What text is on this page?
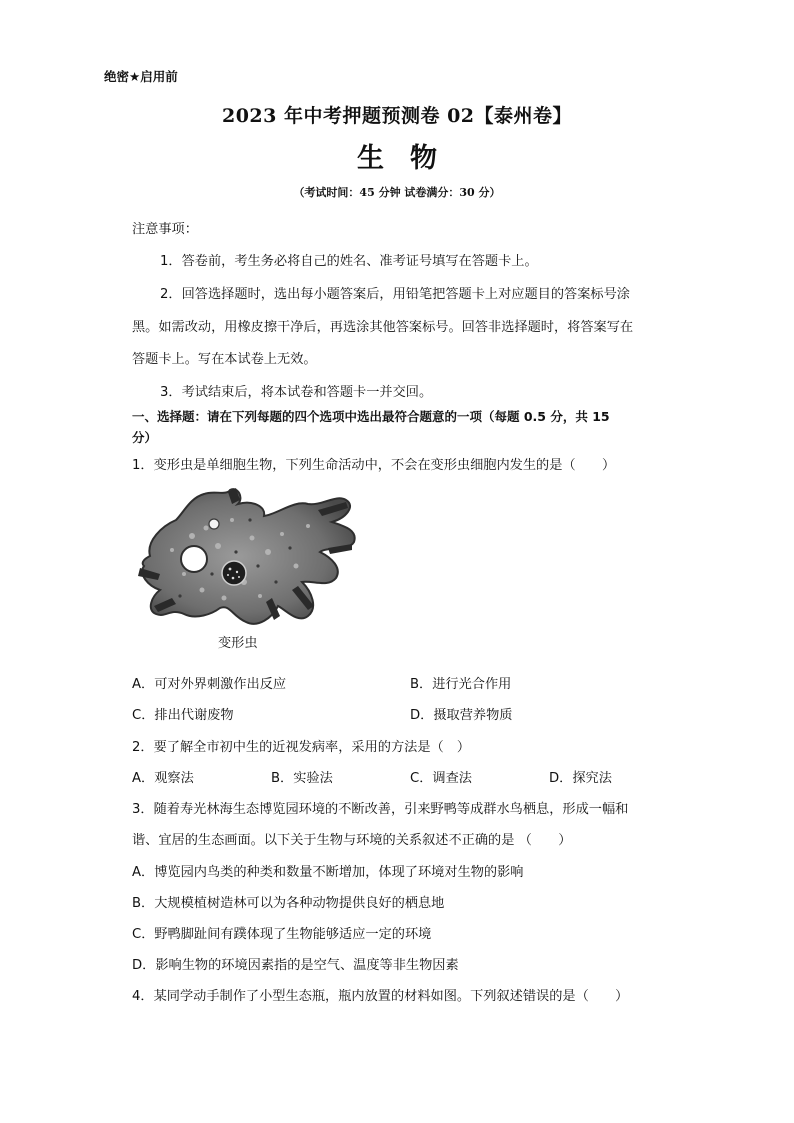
绝密★启用前
2023 年中考押题预测卷 02【泰州卷】
生物
（考试时间：45 分钟 试卷满分：30 分）
注意事项：
1．答卷前，考生务必将自己的姓名、准考证号填写在答题卡上。
2．回答选择题时，选出每小题答案后，用铅笔把答题卡上对应题目的答案标号涂
黑。如需改动，用橡皮擦干净后，再选涂其他答案标号。回答非选择题时，将答案写在
答题卡上。写在本试卷上无效。
3．考试结束后，将本试卷和答题卡一并交回。
一、选择题：请在下列每题的四个选项中选出最符合题意的一项（每题 0.5 分，共 15
分）
1．变形虫是单细胞生物，下列生命活动中，不会在变形虫细胞内发生的是（　　）
变形虫
A．可对外界刺激作出反应	B．进行光合作用
C．排出代谢废物	D．摄取营养物质
2．要了解全市初中生的近视发病率，采用的方法是（　）
A．观察法	B．实验法	C．调查法	D．探究法
3．随着寿光林海生态博览园环境的不断改善，引来野鸭等成群水鸟栖息，形成一幅和
谐、宜居的生态画面。以下关于生物与环境的关系叙述不正确的是 （　　）
A．博览园内鸟类的种类和数量不断增加，体现了环境对生物的影响
B．大规模植树造林可以为各种动物提供良好的栖息地
C．野鸭脚趾间有蹼体现了生物能够适应一定的环境
D．影响生物的环境因素指的是空气、温度等非生物因素
4．某同学动手制作了小型生态瓶，瓶内放置的材料如图。下列叙述错误的是（　　）
